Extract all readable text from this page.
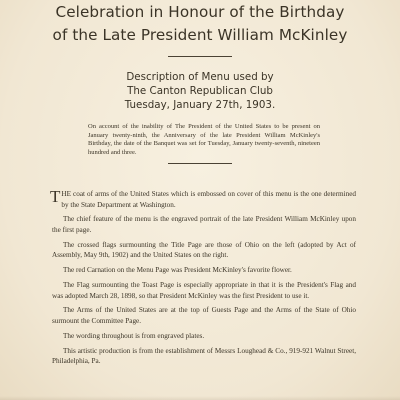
Celebration in Honour of the Birthday
of the Late President William McKinley
Description of Menu used by
The Canton Republican Club
Tuesday, January 27th, 1903.
On account of the inability of The President of the United States to be present on January twenty-ninth, the Anniversary of the late President William McKinley's Birthday, the date of the Banquet was set for Tuesday, January twenty-seventh, nineteen hundred and three.

THE coat of arms of the United States which is embossed on cover of this menu is the one determined by the State Department at Washington.

The chief feature of the menu is the engraved portrait of the late President William McKinley upon the first page.

The crossed flags surmounting the Title Page are those of Ohio on the left (adopted by Act of Assembly, May 9th, 1902) and the United States on the right.

The red Carnation on the Menu Page was President McKinley's favorite flower.

The Flag surmounting the Toast Page is especially appropriate in that it is the President's Flag and was adopted March 28, 1898, so that President McKinley was the first President to use it.

The Arms of the United States are at the top of Guests Page and the Arms of the State of Ohio surmount the Committee Page.

The wording throughout is from engraved plates.

This artistic production is from the establishment of Messrs Loughead & Co., 919-921 Walnut Street, Philadelphia, Pa.
